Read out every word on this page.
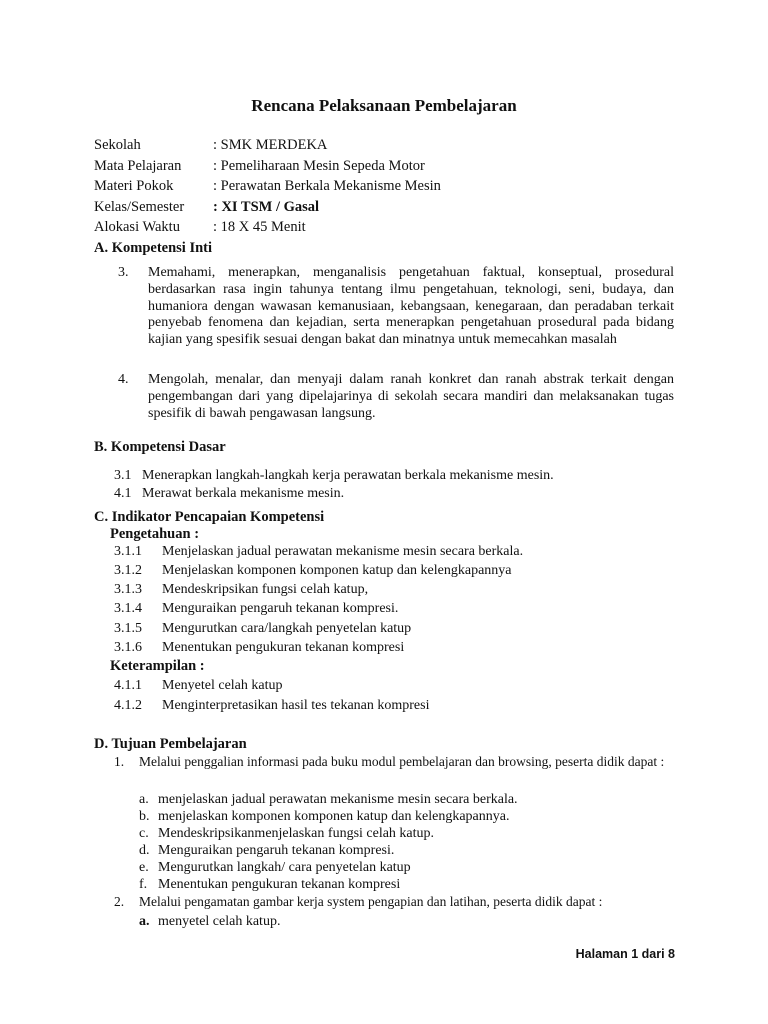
Rencana Pelaksanaan Pembelajaran
Sekolah	: SMK MERDEKA
Mata Pelajaran : Pemeliharaan Mesin Sepeda Motor
Materi Pokok	: Perawatan Berkala Mekanisme Mesin
Kelas/Semester : XI TSM / Gasal
Alokasi Waktu : 18 X 45 Menit
A. Kompetensi Inti
3. Memahami, menerapkan, menganalisis pengetahuan faktual, konseptual, prosedural berdasarkan rasa ingin tahunya tentang ilmu pengetahuan, teknologi, seni, budaya, dan humaniora dengan wawasan kemanusiaan, kebangsaan, kenegaraan, dan peradaban terkait penyebab fenomena dan kejadian, serta menerapkan pengetahuan prosedural pada bidang kajian yang spesifik sesuai dengan bakat dan minatnya untuk memecahkan masalah
4. Mengolah, menalar, dan menyaji dalam ranah konkret dan ranah abstrak terkait dengan pengembangan dari yang dipelajarinya di sekolah secara mandiri dan melaksanakan tugas spesifik di bawah pengawasan langsung.
B. Kompetensi Dasar
3.1 Menerapkan langkah-langkah kerja perawatan berkala mekanisme mesin.
4.1 Merawat berkala mekanisme mesin.
C. Indikator Pencapaian Kompetensi
Pengetahuan :
3.1.1 Menjelaskan jadual perawatan mekanisme mesin secara berkala.
3.1.2 Menjelaskan komponen komponen katup dan kelengkapannya
3.1.3 Mendeskripsikan fungsi celah katup,
3.1.4 Menguraikan pengaruh tekanan kompresi.
3.1.5 Mengurutkan cara/langkah penyetelan katup
3.1.6 Menentukan pengukuran tekanan kompresi
Keterampilan :
4.1.1 Menyetel celah katup
4.1.2 Menginterpretasikan hasil tes tekanan kompresi
D. Tujuan Pembelajaran
1. Melalui penggalian informasi pada buku modul pembelajaran dan browsing, peserta didik dapat :
a. menjelaskan jadual perawatan mekanisme mesin secara berkala.
b. menjelaskan komponen komponen katup dan kelengkapannya.
c. Mendeskripsikanmenjelaskan fungsi celah katup.
d. Menguraikan pengaruh tekanan kompresi.
e. Mengurutkan langkah/ cara penyetelan katup
f. Menentukan pengukuran tekanan kompresi
2. Melalui pengamatan gambar kerja system pengapian dan latihan, peserta didik dapat :
a. menyetel celah katup.
Halaman 1 dari 8
